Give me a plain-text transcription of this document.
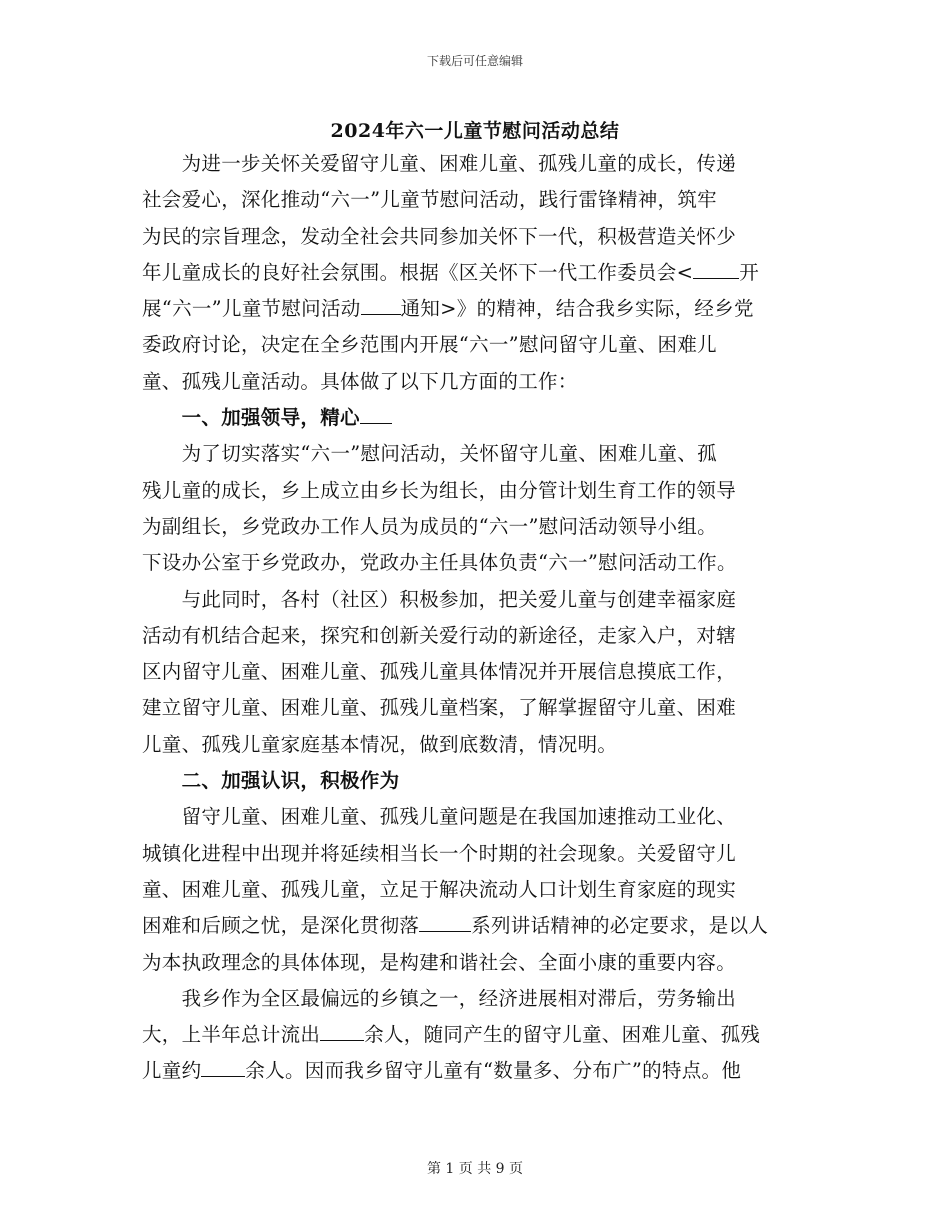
下载后可任意编辑
2024年六一儿童节慰问活动总结
　　为进一步关怀关爱留守儿童、困难儿童、孤残儿童的成长，传递
社会爱心，深化推动“六一”儿童节慰问活动，践行雷锋精神，筑牢
为民的宗旨理念，发动全社会共同参加关怀下一代，积极营造关怀少
年儿童成长的良好社会氛围。根据《区关怀下一代工作委员会< 开
展“六一”儿童节慰问活动 通知>》的精神，结合我乡实际，经乡党
委政府讨论，决定在全乡范围内开展“六一”慰问留守儿童、困难儿
童、孤残儿童活动。具体做了以下几方面的工作：
　　一、加强领导，精心
　　为了切实落实“六一”慰问活动，关怀留守儿童、困难儿童、孤
残儿童的成长，乡上成立由乡长为组长，由分管计划生育工作的领导
为副组长，乡党政办工作人员为成员的“六一”慰问活动领导小组。
下设办公室于乡党政办，党政办主任具体负责“六一”慰问活动工作。
　　与此同时，各村（社区）积极参加，把关爱儿童与创建幸福家庭
活动有机结合起来，探究和创新关爱行动的新途径，走家入户，对辖
区内留守儿童、困难儿童、孤残儿童具体情况并开展信息摸底工作，
建立留守儿童、困难儿童、孤残儿童档案，了解掌握留守儿童、困难
儿童、孤残儿童家庭基本情况，做到底数清，情况明。
　　二、加强认识，积极作为
　　留守儿童、困难儿童、孤残儿童问题是在我国加速推动工业化、
城镇化进程中出现并将延续相当长一个时期的社会现象。关爱留守儿
童、困难儿童、孤残儿童，立足于解决流动人口计划生育家庭的现实
困难和后顾之忧，是深化贯彻落	系列讲话精神的必定要求，是以人
为本执政理念的具体体现，是构建和谐社会、全面小康的重要内容。
　　我乡作为全区最偏远的乡镇之一，经济进展相对滞后，劳务输出
大，上半年总计流出 余人，随同产生的留守儿童、困难儿童、孤残
儿童约 余人。因而我乡留守儿童有“数量多、分布广”的特点。他
第 1 页 共 9 页
